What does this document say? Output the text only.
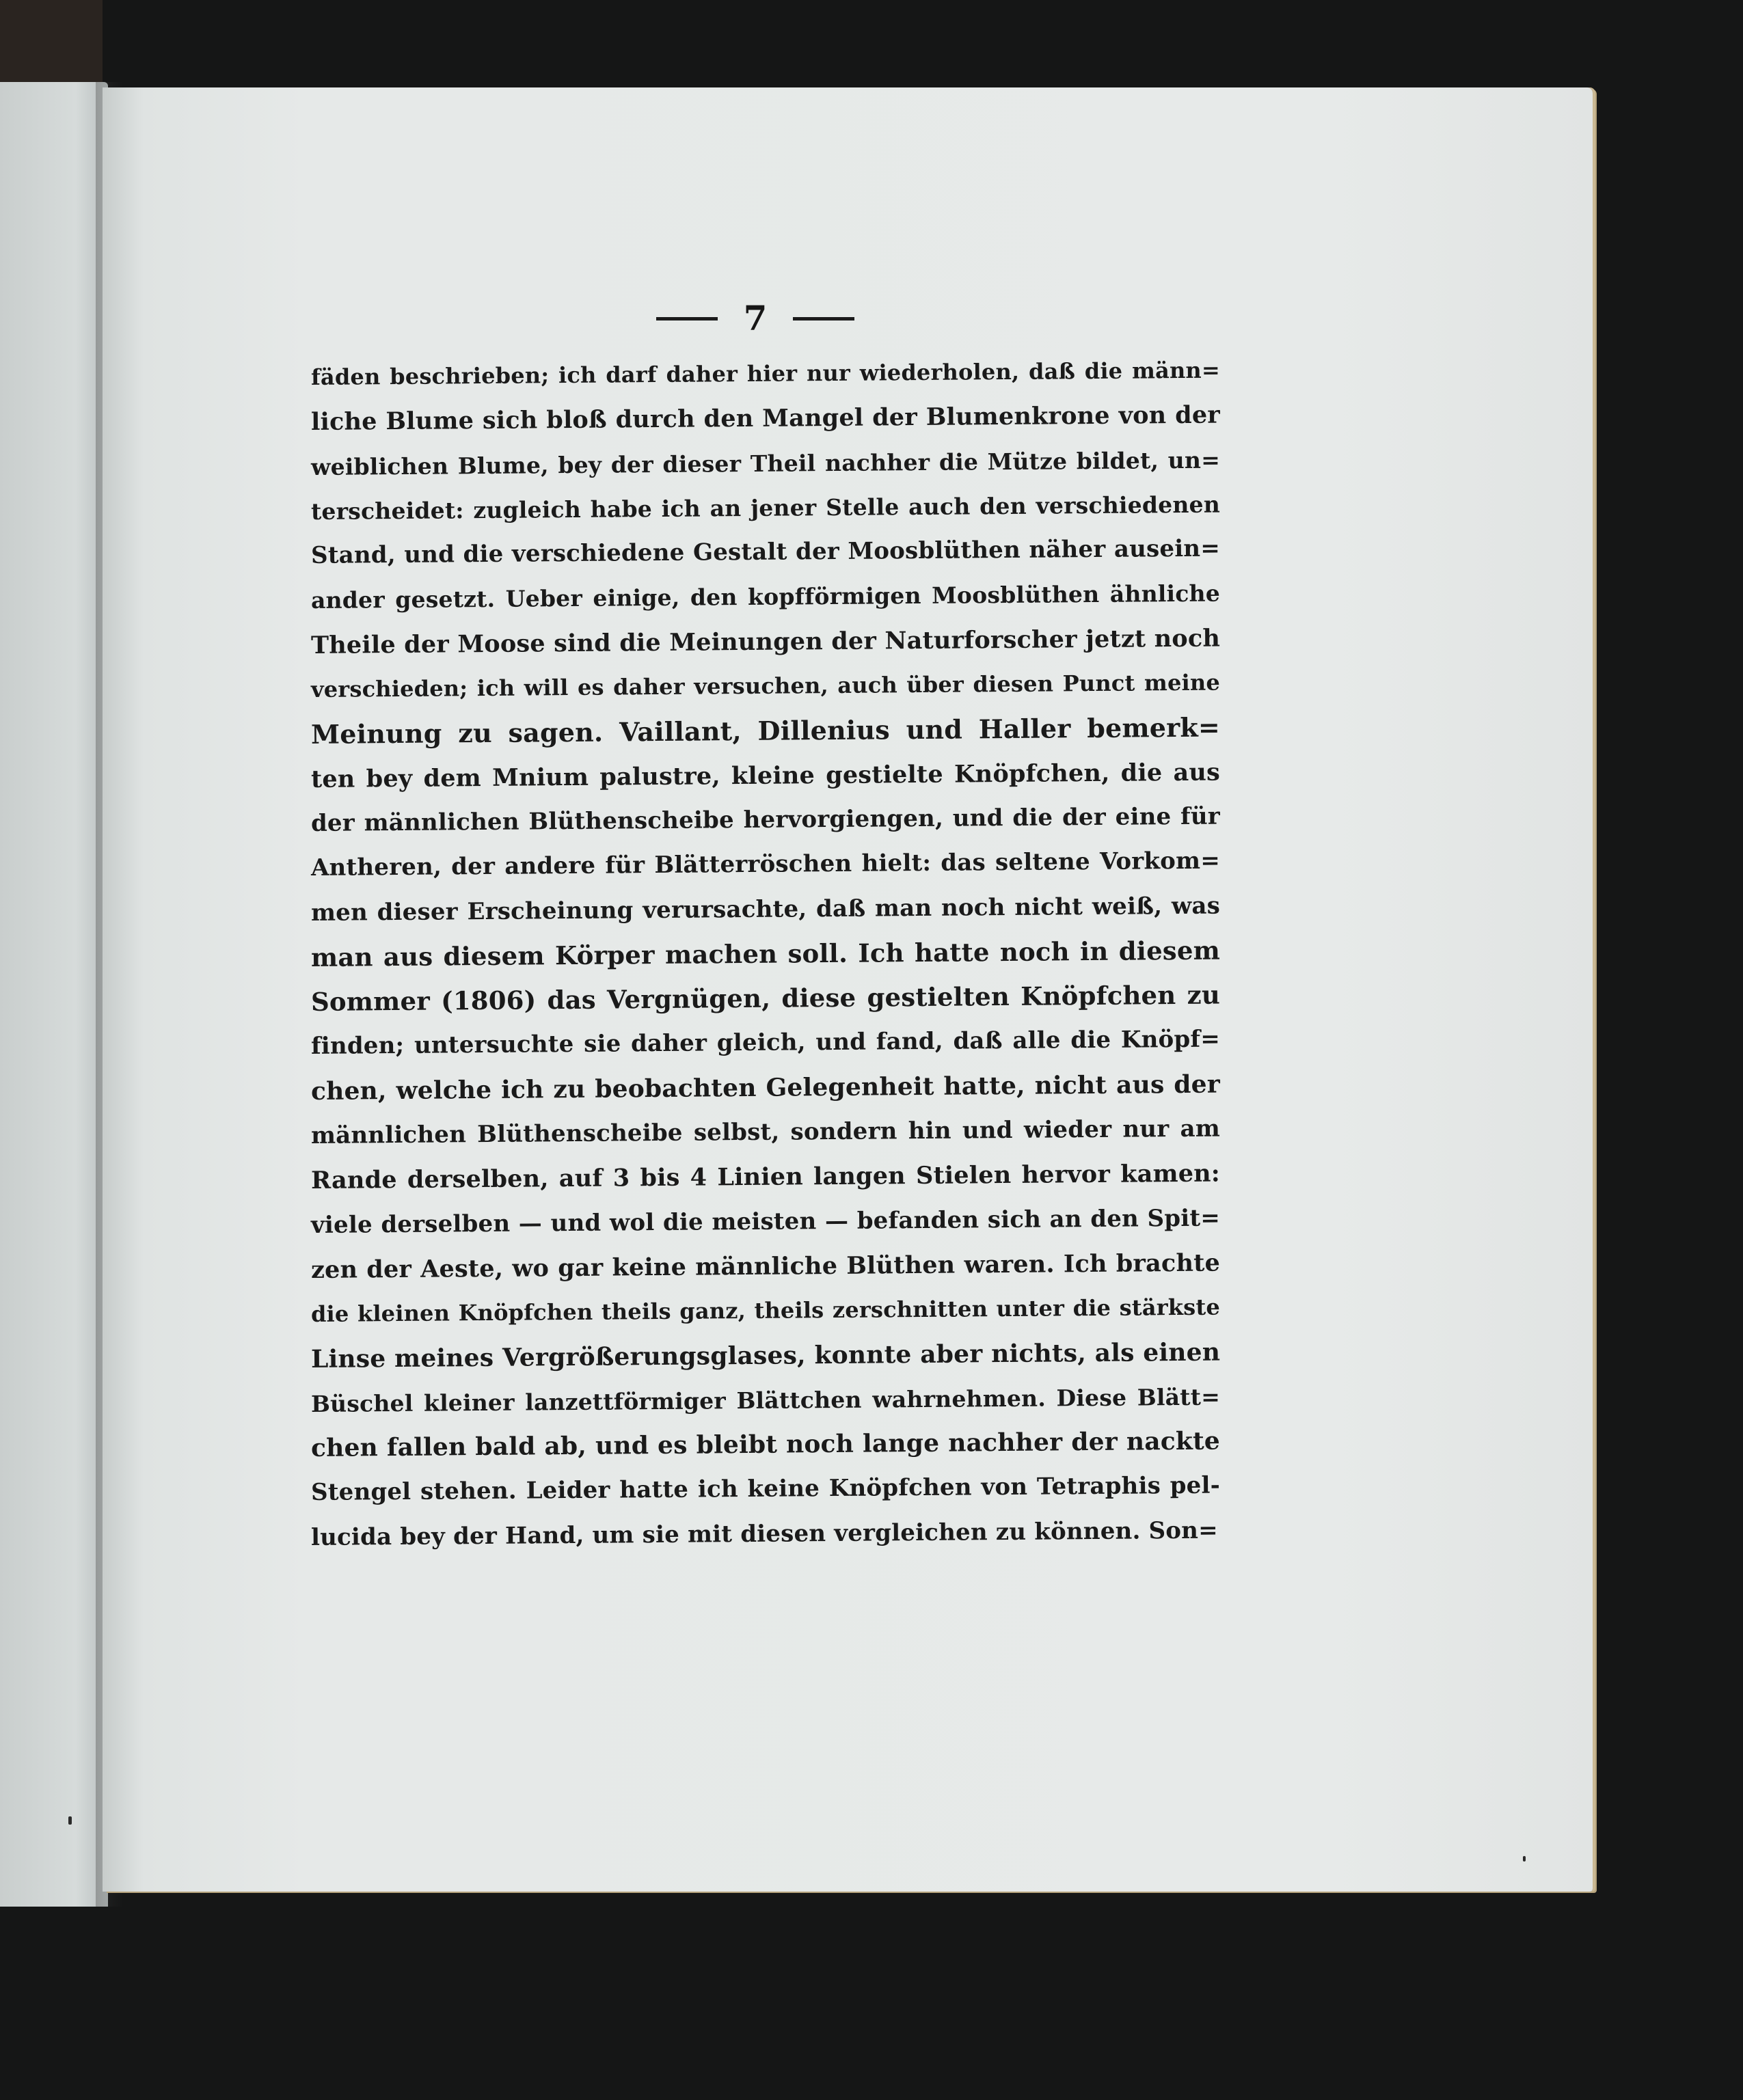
7
fäden beschrieben; ich darf daher hier nur wiederholen, daß die männ=
liche Blume sich bloß durch den Mangel der Blumenkrone von der
weiblichen Blume, bey der dieser Theil nachher die Mütze bildet, un=
terscheidet: zugleich habe ich an jener Stelle auch den verschiedenen
Stand, und die verschiedene Gestalt der Moosblüthen näher ausein=
ander gesetzt. Ueber einige, den kopfförmigen Moosblüthen ähnliche
Theile der Moose sind die Meinungen der Naturforscher jetzt noch
verschieden; ich will es daher versuchen, auch über diesen Punct meine
Meinung zu sagen. Vaillant, Dillenius und Haller bemerk=
ten bey dem Mnium palustre, kleine gestielte Knöpfchen, die aus
der männlichen Blüthenscheibe hervorgiengen, und die der eine für
Antheren, der andere für Blätterröschen hielt: das seltene Vorkom=
men dieser Erscheinung verursachte, daß man noch nicht weiß, was
man aus diesem Körper machen soll. Ich hatte noch in diesem
Sommer (1806) das Vergnügen, diese gestielten Knöpfchen zu
finden; untersuchte sie daher gleich, und fand, daß alle die Knöpf=
chen, welche ich zu beobachten Gelegenheit hatte, nicht aus der
männlichen Blüthenscheibe selbst, sondern hin und wieder nur am
Rande derselben, auf 3 bis 4 Linien langen Stielen hervor kamen:
viele derselben — und wol die meisten — befanden sich an den Spit=
zen der Aeste, wo gar keine männliche Blüthen waren. Ich brachte
die kleinen Knöpfchen theils ganz, theils zerschnitten unter die stärkste
Linse meines Vergrößerungsglases, konnte aber nichts, als einen
Büschel kleiner lanzettförmiger Blättchen wahrnehmen. Diese Blätt=
chen fallen bald ab, und es bleibt noch lange nachher der nackte
Stengel stehen. Leider hatte ich keine Knöpfchen von Tetraphis pel-
lucida bey der Hand, um sie mit diesen vergleichen zu können. Son=
